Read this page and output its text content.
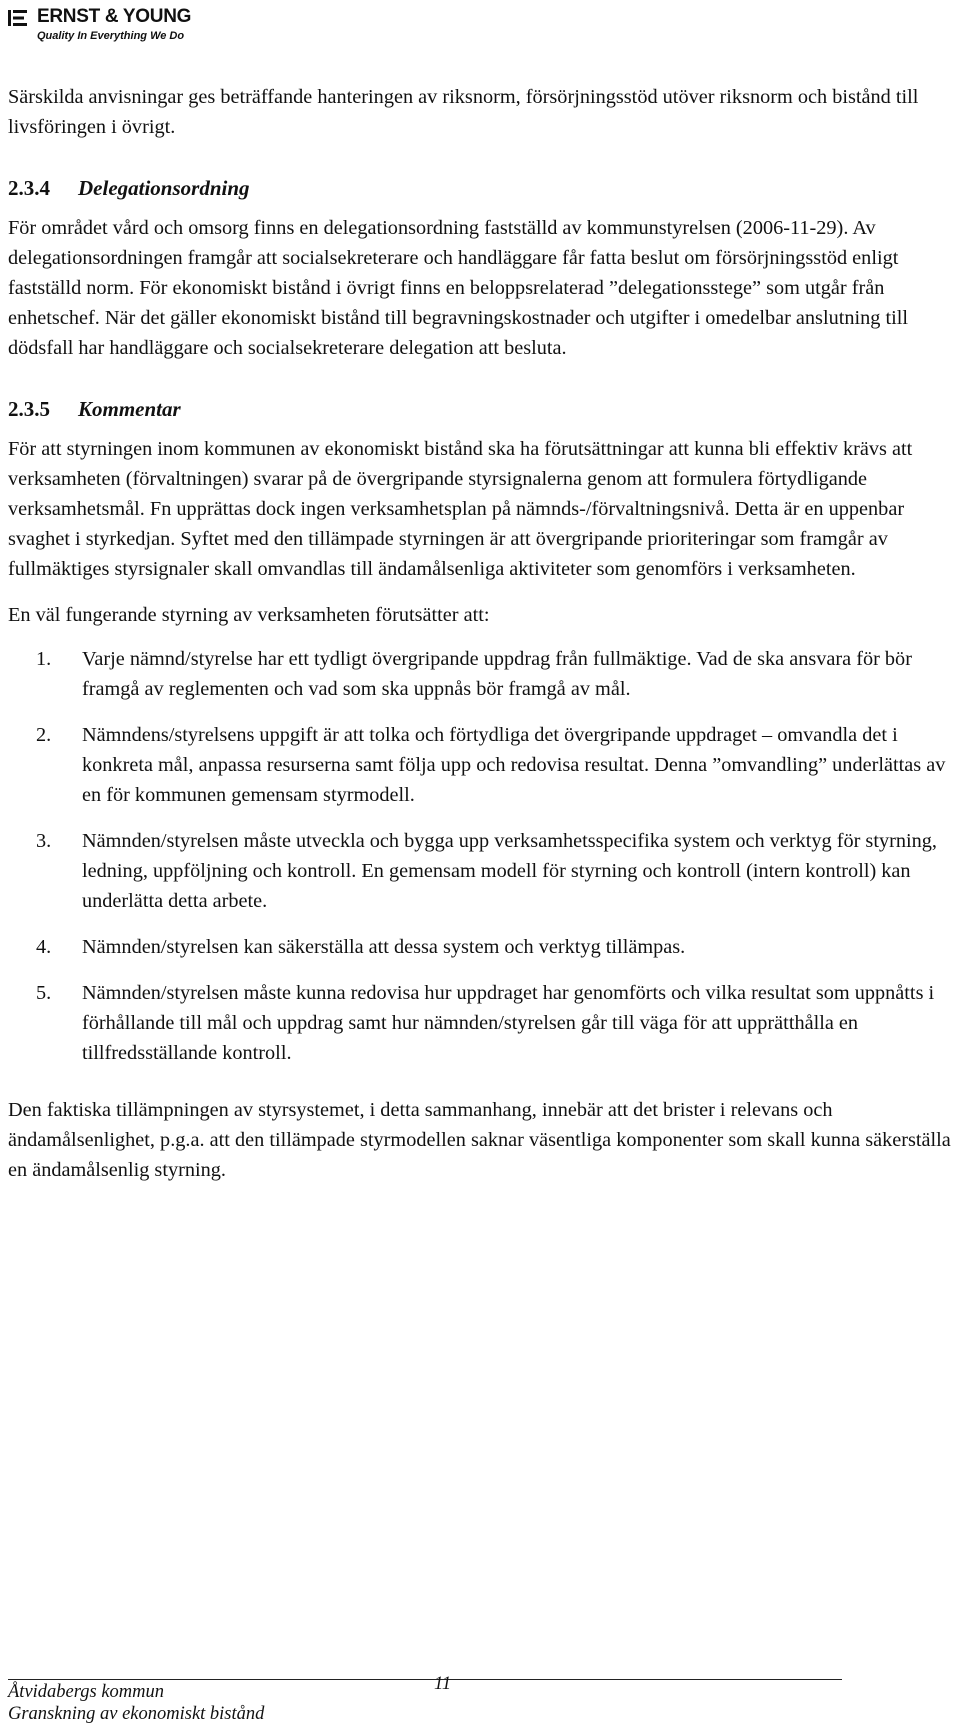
ERNST & YOUNG
Quality In Everything We Do

Särskilda anvisningar ges beträffande hanteringen av riksnorm, försörjningsstöd utöver riksnorm och bistånd till livsföringen i övrigt.

2.3.4 Delegationsordning

För området vård och omsorg finns en delegationsordning fastställd av kommunstyrelsen (2006-11-29). Av delegationsordningen framgår att socialsekreterare och handläggare får fatta beslut om försörjningsstöd enligt fastställd norm. För ekonomiskt bistånd i övrigt finns en beloppsrelaterad ”delegationsstege” som utgår från enhetschef. När det gäller ekonomiskt bistånd till begravningskostnader och utgifter i omedelbar anslutning till dödsfall har handläggare och socialsekreterare delegation att besluta.

2.3.5 Kommentar

För att styrningen inom kommunen av ekonomiskt bistånd ska ha förutsättningar att kunna bli effektiv krävs att verksamheten (förvaltningen) svarar på de övergripande styrsignalerna genom att formulera förtydligande verksamhetsmål. Fn upprättas dock ingen verksamhetsplan på nämnds-/förvaltningsnivå. Detta är en uppenbar svaghet i styrkedjan. Syftet med den tillämpade styrningen är att övergripande prioriteringar som framgår av fullmäktiges styrsignaler skall omvandlas till ändamålsenliga aktiviteter som genomförs i verksamheten.

En väl fungerande styrning av verksamheten förutsätter att:

1. Varje nämnd/styrelse har ett tydligt övergripande uppdrag från fullmäktige. Vad de ska ansvara för bör framgå av reglementen och vad som ska uppnås bör framgå av mål.
2. Nämndens/styrelsens uppgift är att tolka och förtydliga det övergripande uppdraget – omvandla det i konkreta mål, anpassa resurserna samt följa upp och redovisa resultat. Denna ”omvandling” underlättas av en för kommunen gemensam styrmodell.
3. Nämnden/styrelsen måste utveckla och bygga upp verksamhetsspecifika system och verktyg för styrning, ledning, uppföljning och kontroll. En gemensam modell för styrning och kontroll (intern kontroll) kan underlätta detta arbete.
4. Nämnden/styrelsen kan säkerställa att dessa system och verktyg tillämpas.
5. Nämnden/styrelsen måste kunna redovisa hur uppdraget har genomförts och vilka resultat som uppnåtts i förhållande till mål och uppdrag samt hur nämnden/styrelsen går till väga för att upprätthålla en tillfredsställande kontroll.

Den faktiska tillämpningen av styrsystemet, i detta sammanhang, innebär att det brister i relevans och ändamålsenlighet, p.g.a. att den tillämpade styrmodellen saknar väsentliga komponenter som skall kunna säkerställa en ändamålsenlig styrning.

Åtvidabergs kommun	11
Granskning av ekonomiskt bistånd
